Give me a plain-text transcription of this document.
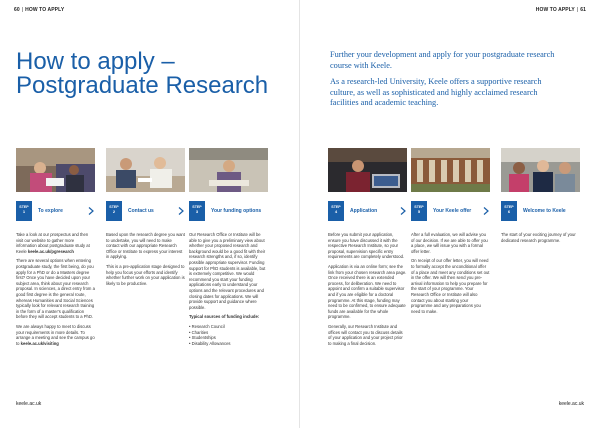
60 | HOW TO APPLY
How to apply – Postgraduate Research
STEP
1	To explore
STEP
2	Contact us
STEP
3	Your funding options

Take a look at our prospectus and then visit our website to gather more information about postgraduate study at Keele keele.ac.uk/pgresearch

There are several options when entering postgraduate study, the first being, do you apply for a PhD or do a Masters degree first? Once you have decided upon your subject area, think about your research proposal. In sciences, a direct entry from a good first degree is the general route, whereas Humanities and Social Sciences typically look for relevant research training in the form of a master's qualification before they will accept students to a PhD.

We are always happy to meet to discuss your requirements in more details. To arrange a meeting and see the campus go to keele.ac.uk/visiting

Based upon the research degree you want to undertake, you will need to make contact with our appropriate Research Office or Institute to express your interest in applying.

This is a pre-application stage designed to help you focus your efforts and identify whether further work on your application is likely to be productive.

Our Research Office or Institute will be able to give you a preliminary view about whether your proposed research and background would be a good fit with their research strengths and, if so, identify possible appropriate supervisor. Funding support for PhD students is available, but is extremely competitive. We would recommend you start your funding applications early to understand your options and the relevant procedures and closing dates for applications. We will provide support and guidance where possible.

Typical sources of funding include:

• Research Council
• Charities
• Studentships
• Disability Allowances
keele.ac.uk
HOW TO APPLY | 61
STEP
4	Application
STEP
5	Your Keele offer
STEP
6	Welcome to Keele

Before you submit your application, ensure you have discussed it with the respective Research Institute, so your proposal, supervision specific entry requirements are completely understood.

Application is via an online form; see the link from your chosen research area page. Once received there is an extended process, for deliberation. We need to appoint and confirm a suitable supervisor and if you are eligible for a doctoral programme. At this stage, funding may need to be confirmed, to ensure adequate funds are available for the whole programme.

Generally, our Research Institute and offices will contact you to discuss details of your application and your project prior to making a final decision.

After a full evaluation, we will advise you of our decision. If we are able to offer you a place, we will issue you with a formal offer letter.

On receipt of our offer letter, you will need to formally accept the unconditional offer of a place and meet any conditions set out in the offer. We will then send you pre-arrival information to help you prepare for the start of your programme. Your Research Office or Institute will also contact you about starting your programme and any preparations you need to make.

The start of your exciting journey of your dedicated research programme.

keele.ac.uk

Further your development and apply for your postgraduate research course with Keele.

As a research-led University, Keele offers a supportive research culture, as well as sophisticated and highly acclaimed research facilities and academic teaching.
